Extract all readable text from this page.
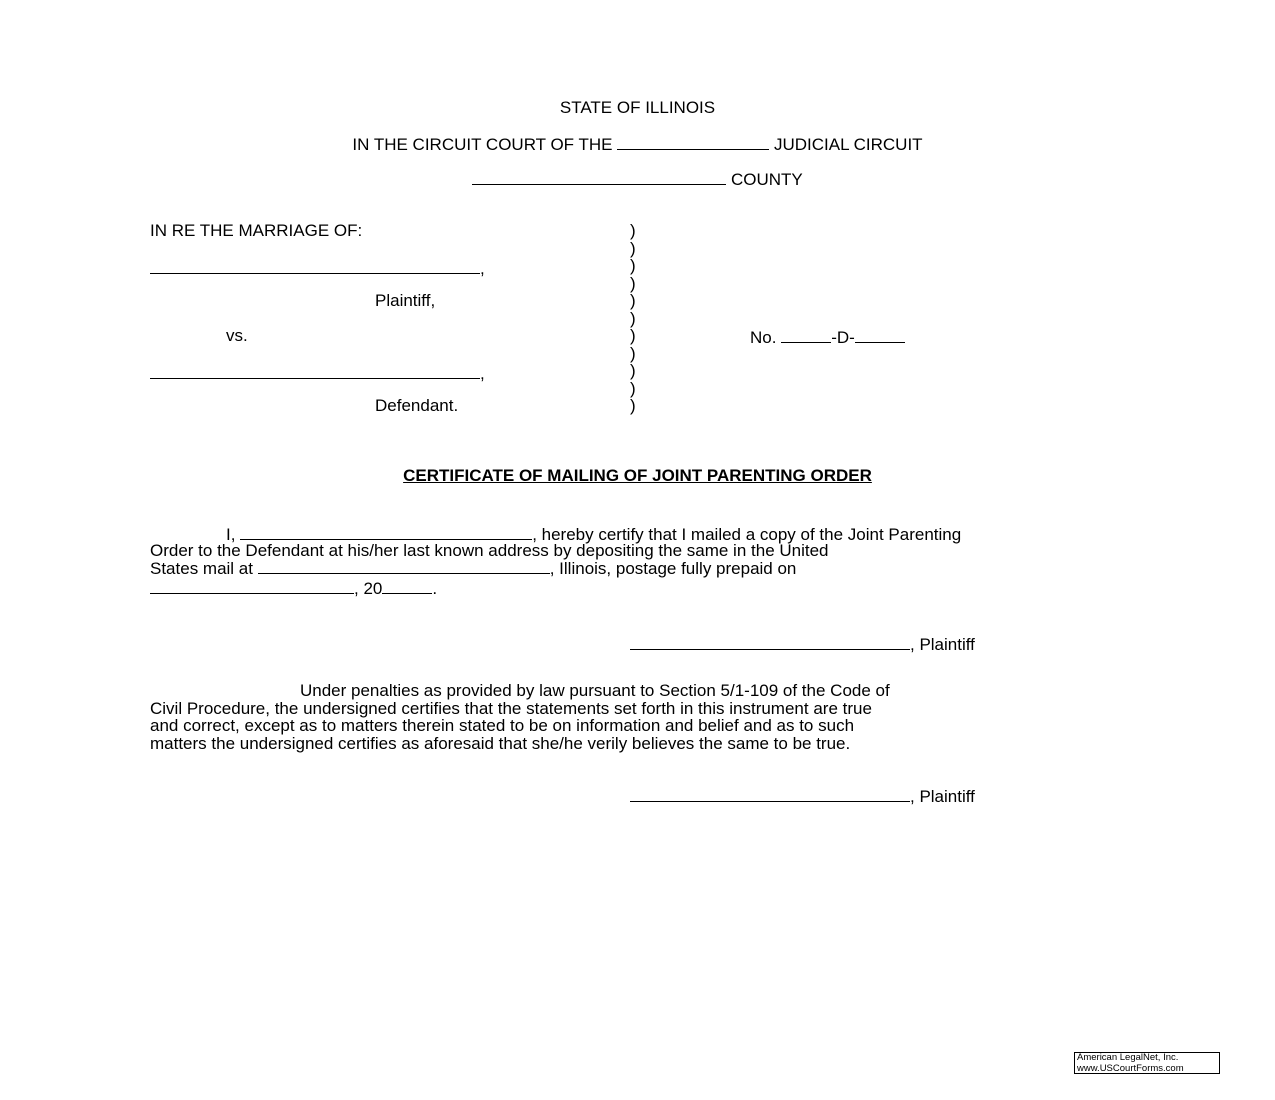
STATE OF ILLINOIS
IN THE CIRCUIT COURT OF THE	JUDICIAL CIRCUIT
COUNTY
IN RE THE MARRIAGE OF:
,
Plaintiff,
vs.
,
Defendant.
)
)
)
)
)
)
)
)
)
)
)
No.	-D-
CERTIFICATE OF MAILING OF JOINT PARENTING ORDER
I,	, hereby certify that I mailed a copy of the Joint Parenting
Order to the Defendant at his/her last known address by depositing the same in the United
States mail at	, Illinois, postage fully prepaid on
, 20	.
, Plaintiff
Under penalties as provided by law pursuant to Section 5/1-109 of the Code of
Civil Procedure, the undersigned certifies that the statements set forth in this instrument are true
and correct, except as to matters therein stated to be on information and belief and as to such
matters the undersigned certifies as aforesaid that she/he verily believes the same to be true.
, Plaintiff
American LegalNet, Inc.
www.USCourtForms.com
